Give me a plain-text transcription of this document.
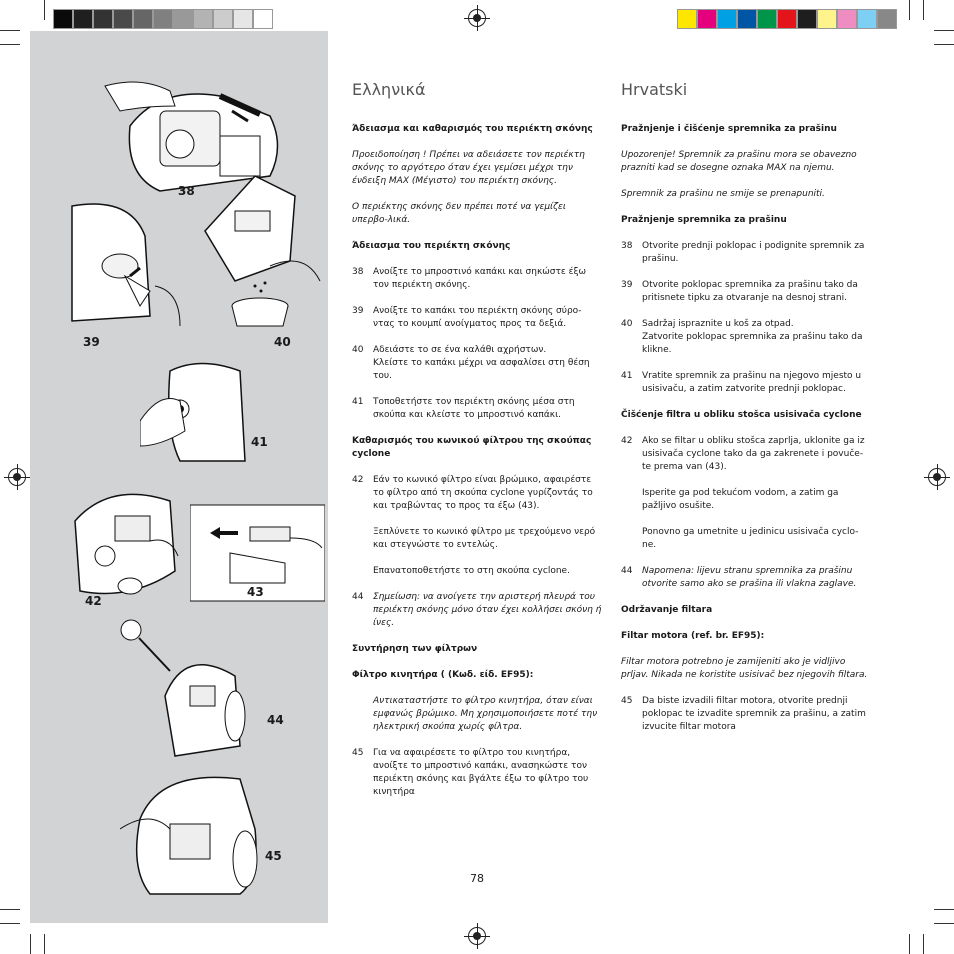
38
39	40
41
42
43
44
45
Ελληνικά

Άδειασμα και καθαρισμός του περιέκτη σκόνης

Προειδοποίηση ! Πρέπει να αδειάσετε τον περιέκτη σκόνης το αργότερο όταν έχει γεμίσει μέχρι την ένδειξη MAX (Μέγιστο) του περιέκτη σκόνης.

Ο περιέκτης σκόνης δεν πρέπει ποτέ να γεμίζει υπερβο-λικά.

Άδειασμα του περιέκτη σκόνης

38	Ανοίξτε το μπροστινό καπάκι και σηκώστε έξω τον περιέκτη σκόνης.
39	Ανοίξτε το καπάκι του περιέκτη σκόνης σύρο-ντας το κουμπί ανοίγματος προς τα δεξιά.
40	Αδειάστε το σε ένα καλάθι αχρήστων.
Κλείστε το καπάκι μέχρι να ασφαλίσει στη θέση του.
41	Τοποθετήστε τον περιέκτη σκόνης μέσα στη σκούπα και κλείστε το μπροστινό καπάκι.

Καθαρισμός του κωνικού φίλτρου της σκούπας cyclone

42	Εάν το κωνικό φίλτρο είναι βρώμικο, αφαιρέστε το φίλτρο από τη σκούπα cyclone γυρίζοντάς το και τραβώντας το προς τα έξω (43).
Ξεπλύνετε το κωνικό φίλτρο με τρεχούμενο νερό και στεγνώστε το εντελώς.
Επανατοποθετήστε το στη σκούπα cyclone.
44	Σημείωση: να ανοίγετε την αριστερή πλευρά του περιέκτη σκόνης μόνο όταν έχει κολλήσει σκόνη ή ίνες.

Συντήρηση των φίλτρων

Φίλτρο κινητήρα ( (Κωδ. είδ. EF95):

Αντικαταστήστε το φίλτρο κινητήρα, όταν είναι εμφανώς βρώμικο. Μη χρησιμοποιήσετε ποτέ την ηλεκτρική σκούπα χωρίς φίλτρα.
45	Για να αφαιρέσετε το φίλτρο του κινητήρα, ανοίξτε το μπροστινό καπάκι, ανασηκώστε τον περιέκτη σκόνης και βγάλτε έξω το φίλτρο του κινητήρα
Hrvatski

Pražnjenje i čišćenje spremnika za prašinu

Upozorenje! Spremnik za prašinu mora se obavezno prazniti kad se dosegne oznaka MAX na njemu.

Spremnik za prašinu ne smije se prenapuniti.

Pražnjenje spremnika za prašinu

38	Otvorite prednji poklopac i podignite spremnik za prašinu.
39	Otvorite poklopac spremnika za prašinu tako da pritisnete tipku za otvaranje na desnoj strani.
40	Sadržaj ispraznite u koš za otpad.
Zatvorite poklopac spremnika za prašinu tako da klikne.
41	Vratite spremnik za prašinu na njegovo mjesto u usisivaču, a zatim zatvorite prednji poklopac.

Čišćenje filtra u obliku stošca usisivača cyclone

42	Ako se filtar u obliku stošca zaprlja, uklonite ga iz usisivača cyclone tako da ga zakrenete i povuče-te prema van (43).
Isperite ga pod tekućom vodom, a zatim ga pažljivo osušite.
Ponovno ga umetnite u jedinicu usisivača cyclo-ne.
44	Napomena: lijevu stranu spremnika za prašinu otvorite samo ako se prašina ili vlakna zaglave.

Održavanje filtara

Filtar motora (ref. br. EF95):

Filtar motora potrebno je zamijeniti ako je vidljivo prljav. Nikada ne koristite usisivač bez njegovih filtara.

45	Da biste izvadili filtar motora, otvorite prednji poklopac te izvadite spremnik za prašinu, a zatim izvucite filtar motora
78
